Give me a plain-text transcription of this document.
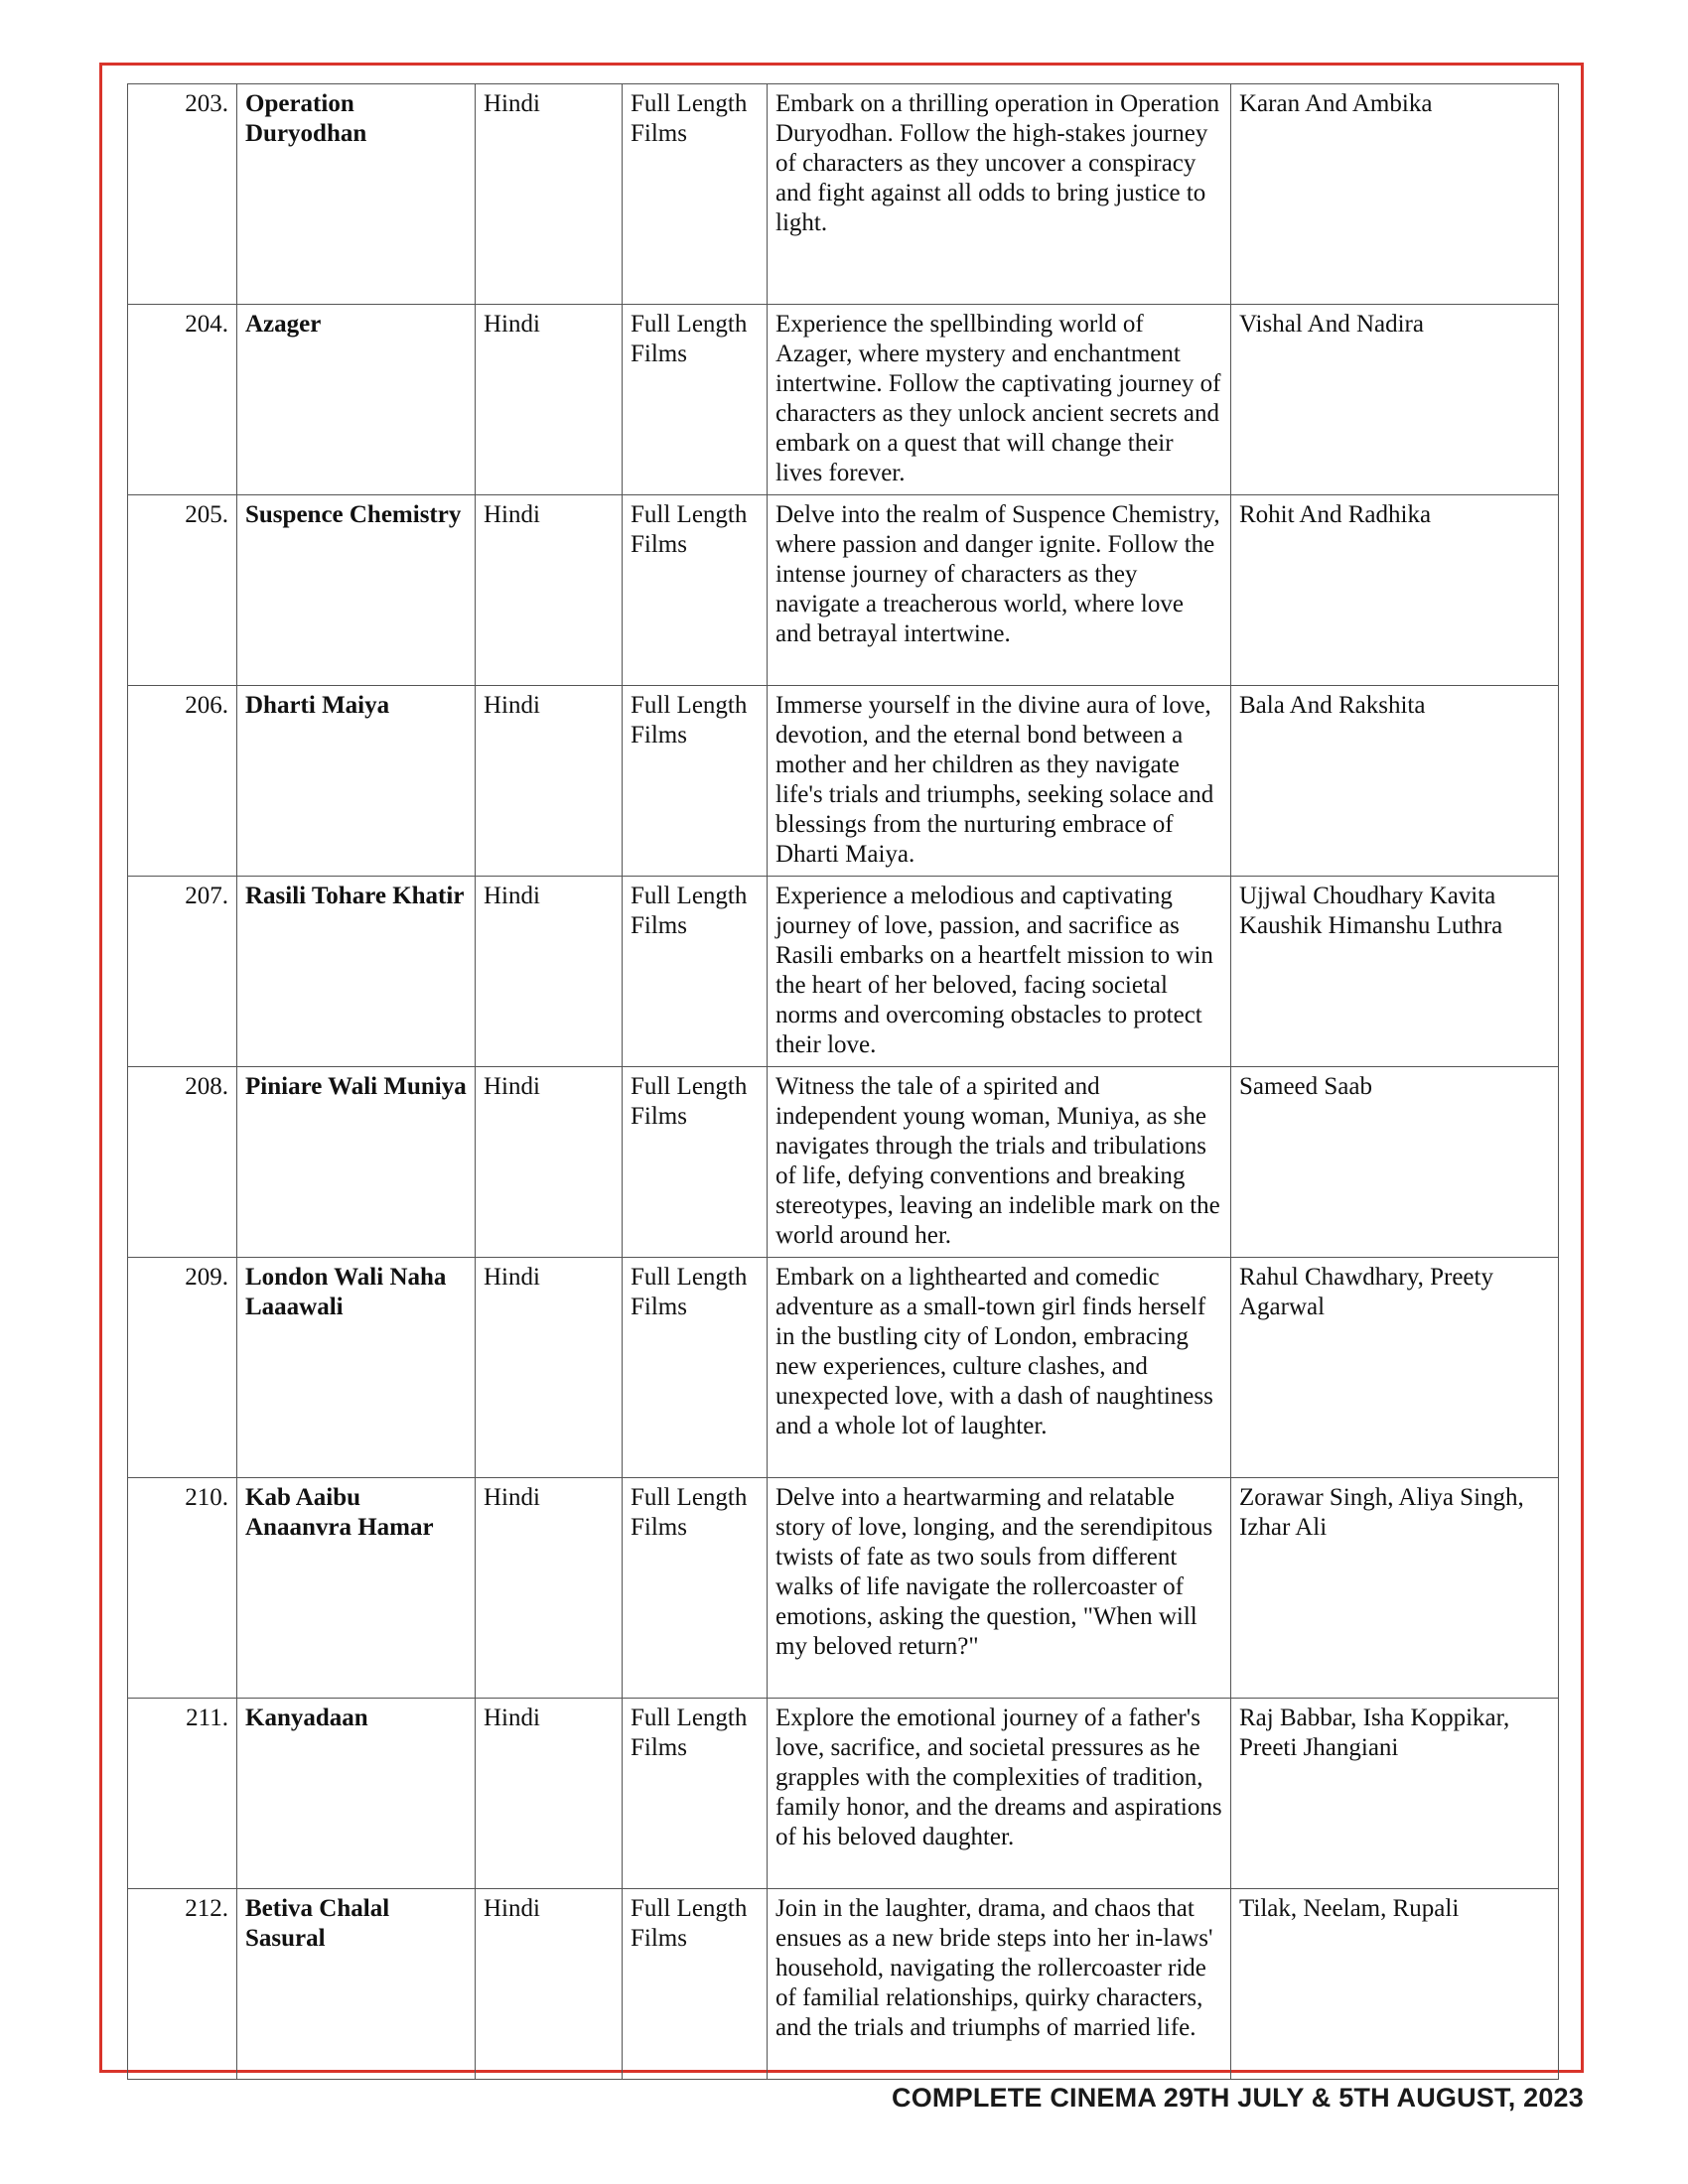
203.	Operation Duryodhan	Hindi	Full Length Films	Embark on a thrilling operation in Operation Duryodhan. Follow the high-stakes journey of characters as they uncover a conspiracy and fight against all odds to bring justice to light.	Karan And Ambika
204.	Azager	Hindi	Full Length Films	Experience the spellbinding world of Azager, where mystery and enchantment intertwine. Follow the captivating journey of characters as they unlock ancient secrets and embark on a quest that will change their lives forever.	Vishal And Nadira
205.	Suspence Chemistry	Hindi	Full Length Films	Delve into the realm of Suspence Chemistry, where passion and danger ignite. Follow the intense journey of characters as they navigate a treacherous world, where love and betrayal intertwine.	Rohit And Radhika
206.	Dharti Maiya	Hindi	Full Length Films	Immerse yourself in the divine aura of love, devotion, and the eternal bond between a mother and her children as they navigate life's trials and triumphs, seeking solace and blessings from the nurturing embrace of Dharti Maiya.	Bala And Rakshita
207.	Rasili Tohare Khatir	Hindi	Full Length Films	Experience a melodious and captivating journey of love, passion, and sacrifice as Rasili embarks on a heartfelt mission to win the heart of her beloved, facing societal norms and overcoming obstacles to protect their love.	Ujjwal Choudhary Kavita Kaushik Himanshu Luthra
208.	Piniare Wali Muniya	Hindi	Full Length Films	Witness the tale of a spirited and independent young woman, Muniya, as she navigates through the trials and tribulations of life, defying conventions and breaking stereotypes, leaving an indelible mark on the world around her.	Sameed Saab
209.	London Wali Naha Laaawali	Hindi	Full Length Films	Embark on a lighthearted and comedic adventure as a small-town girl finds herself in the bustling city of London, embracing new experiences, culture clashes, and unexpected love, with a dash of naughtiness and a whole lot of laughter.	Rahul Chawdhary, Preety Agarwal
210.	Kab Aaibu Anaanvra Hamar	Hindi	Full Length Films	Delve into a heartwarming and relatable story of love, longing, and the serendipitous twists of fate as two souls from different walks of life navigate the rollercoaster of emotions, asking the question, "When will my beloved return?"	Zorawar Singh, Aliya Singh, Izhar Ali
211.	Kanyadaan	Hindi	Full Length Films	Explore the emotional journey of a father's love, sacrifice, and societal pressures as he grapples with the complexities of tradition, family honor, and the dreams and aspirations of his beloved daughter.	Raj Babbar, Isha Koppikar, Preeti Jhangiani
212.	Betiva Chalal Sasural	Hindi	Full Length Films	Join in the laughter, drama, and chaos that ensues as a new bride steps into her in-laws' household, navigating the rollercoaster ride of familial relationships, quirky characters, and the trials and triumphs of married life.	Tilak, Neelam, Rupali
COMPLETE CINEMA 29TH JULY & 5TH AUGUST, 2023
